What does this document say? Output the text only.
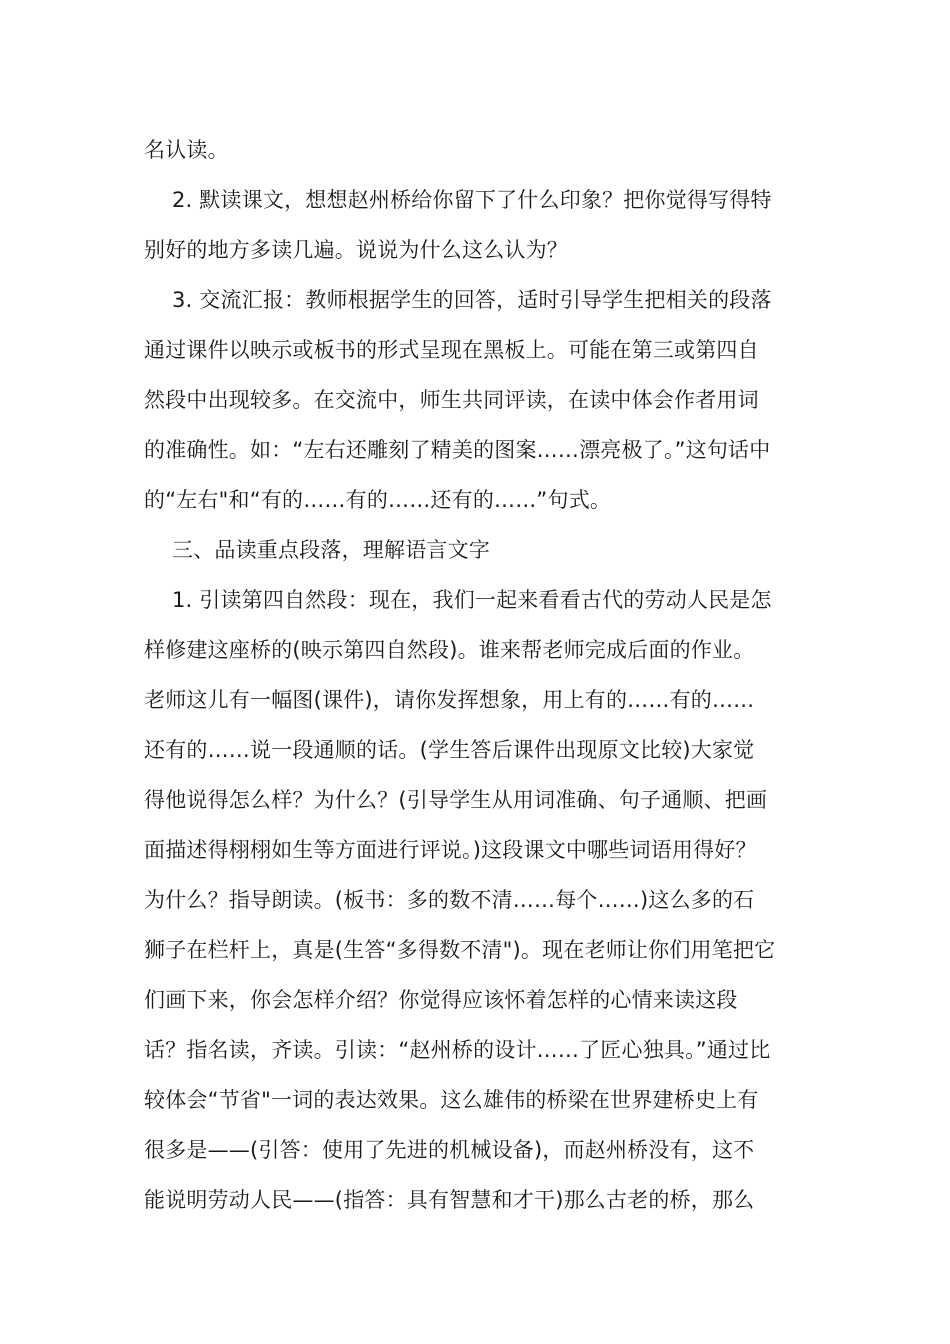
名认读。
2. 默读课文，想想赵州桥给你留下了什么印象？把你觉得写得特
别好的地方多读几遍。说说为什么这么认为？
3. 交流汇报：教师根据学生的回答，适时引导学生把相关的段落
通过课件以映示或板书的形式呈现在黑板上。可能在第三或第四自
然段中出现较多。在交流中，师生共同评读，在读中体会作者用词
的准确性。如：“左右还雕刻了精美的图案……漂亮极了。”这句话中
的“左右"和“有的……有的……还有的……”句式。
三、品读重点段落，理解语言文字
1. 引读第四自然段：现在，我们一起来看看古代的劳动人民是怎
样修建这座桥的(映示第四自然段)。谁来帮老师完成后面的作业。
老师这儿有一幅图(课件)，请你发挥想象，用上有的……有的……
还有的……说一段通顺的话。(学生答后课件出现原文比较)大家觉
得他说得怎么样？为什么？(引导学生从用词准确、句子通顺、把画
面描述得栩栩如生等方面进行评说。)这段课文中哪些词语用得好？
为什么？指导朗读。(板书：多的数不清……每个……)这么多的石
狮子在栏杆上，真是(生答“多得数不清")。现在老师让你们用笔把它
们画下来，你会怎样介绍？你觉得应该怀着怎样的心情来读这段
话？指名读，齐读。引读：“赵州桥的设计……了匠心独具。”通过比
较体会“节省"一词的表达效果。这么雄伟的桥梁在世界建桥史上有
很多是——(引答：使用了先进的机械设备)，而赵州桥没有，这不
能说明劳动人民——(指答：具有智慧和才干)那么古老的桥，那么
